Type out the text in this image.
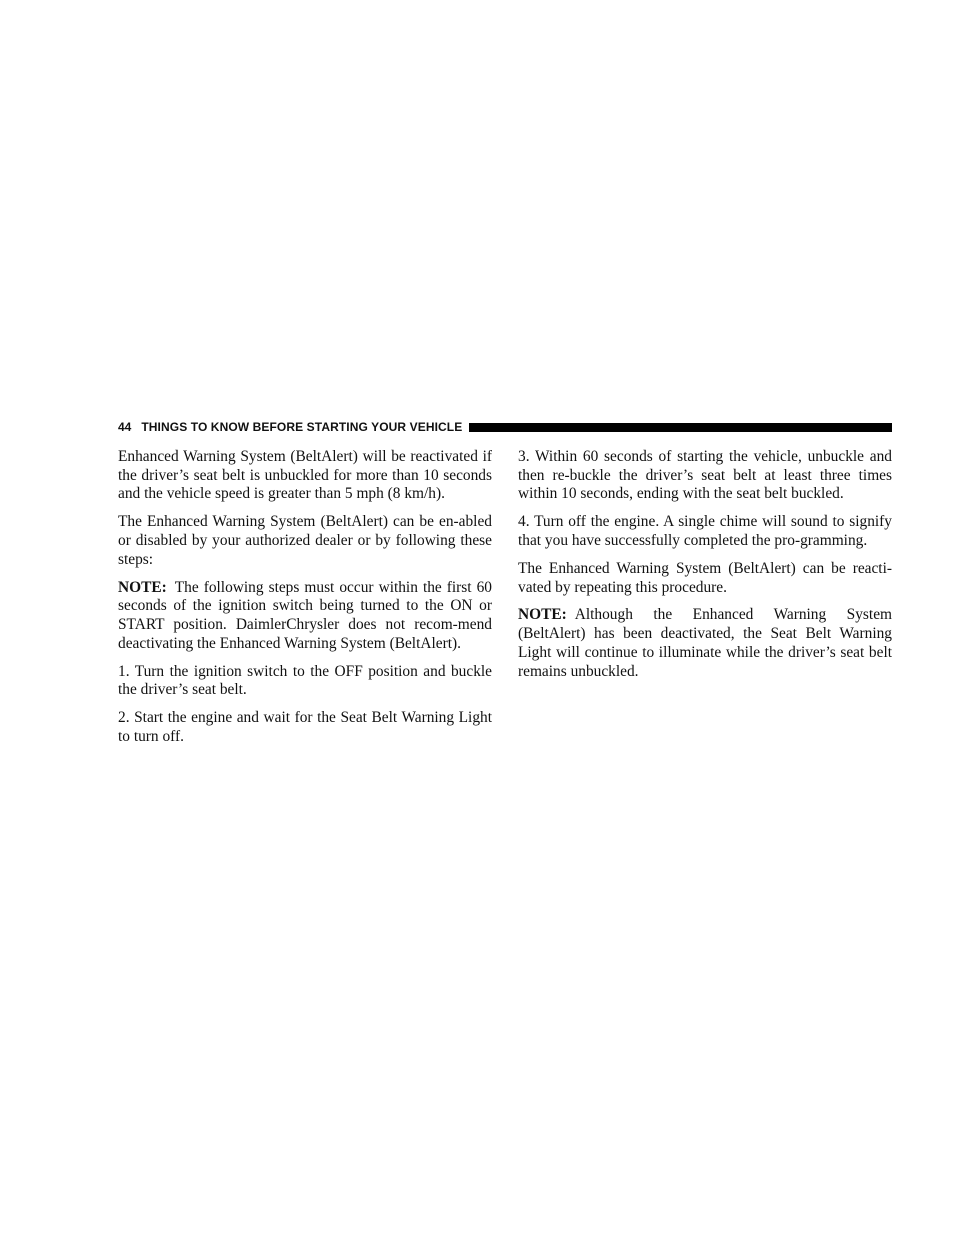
44 THINGS TO KNOW BEFORE STARTING YOUR VEHICLE

Enhanced Warning System (BeltAlert) will be reactivated if the driver’s seat belt is unbuckled for more than 10 seconds and the vehicle speed is greater than 5 mph (8 km/h).

The Enhanced Warning System (BeltAlert) can be en-abled or disabled by your authorized dealer or by following these steps:

NOTE: The following steps must occur within the first 60 seconds of the ignition switch being turned to the ON or START position. DaimlerChrysler does not recom-mend deactivating the Enhanced Warning System (BeltAlert).

1. Turn the ignition switch to the OFF position and buckle the driver’s seat belt.

2. Start the engine and wait for the Seat Belt Warning Light to turn off.

3. Within 60 seconds of starting the vehicle, unbuckle and then re-buckle the driver’s seat belt at least three times within 10 seconds, ending with the seat belt buckled.

4. Turn off the engine. A single chime will sound to signify that you have successfully completed the pro-gramming.

The Enhanced Warning System (BeltAlert) can be reacti-vated by repeating this procedure.

NOTE: Although the Enhanced Warning System (BeltAlert) has been deactivated, the Seat Belt Warning Light will continue to illuminate while the driver’s seat belt remains unbuckled.
